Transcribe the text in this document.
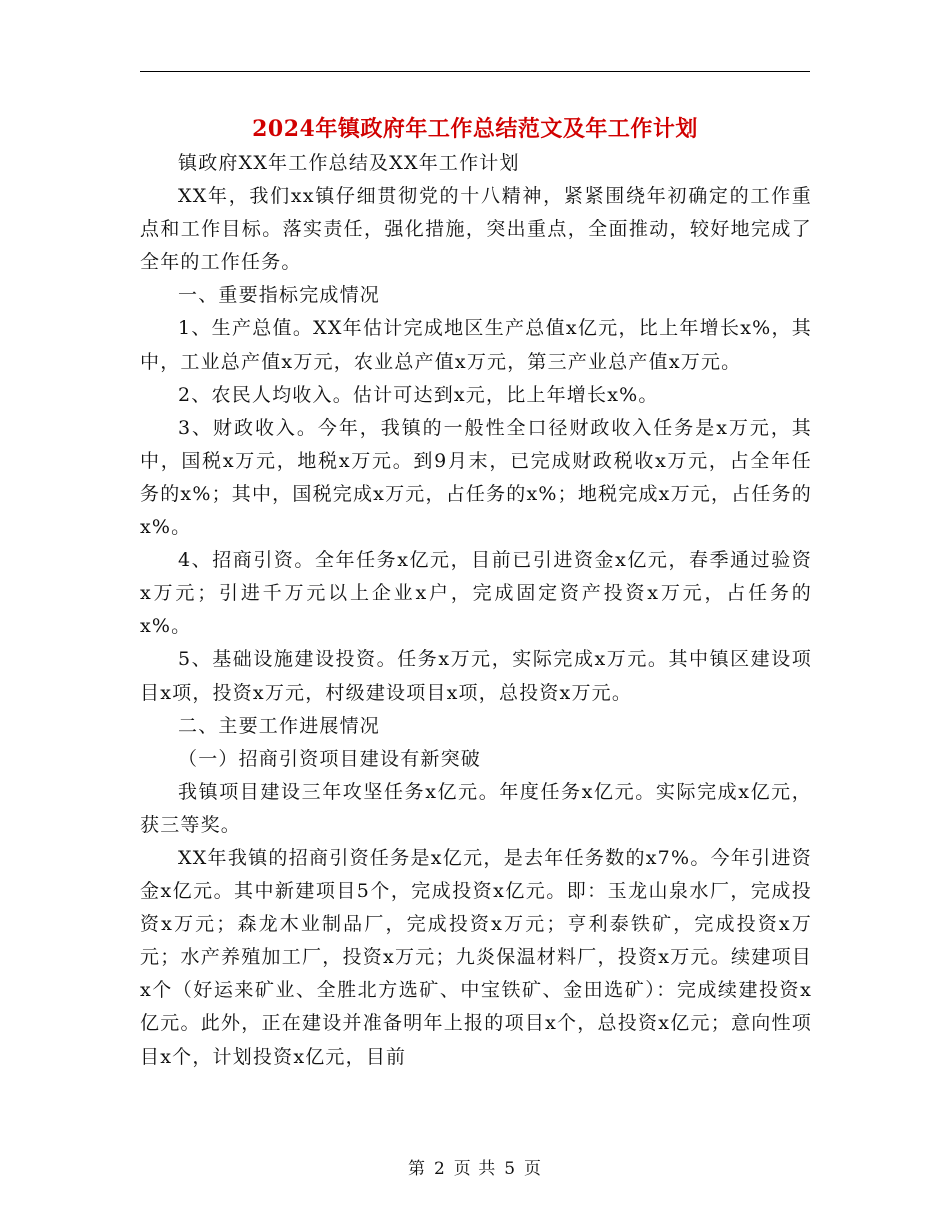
2024年镇政府年工作总结范文及年工作计划

镇政府XX年工作总结及XX年工作计划

XX年，我们xx镇仔细贯彻党的十八精神，紧紧围绕年初确定的工作重点和工作目标。落实责任，强化措施，突出重点，全面推动，较好地完成了全年的工作任务。

一、重要指标完成情况

1、生产总值。XX年估计完成地区生产总值x亿元，比上年增长x%，其中，工业总产值x万元，农业总产值x万元，第三产业总产值x万元。

2、农民人均收入。估计可达到x元，比上年增长x%。

3、财政收入。今年，我镇的一般性全口径财政收入任务是x万元，其中，国税x万元，地税x万元。到9月末，已完成财政税收x万元，占全年任务的x%；其中，国税完成x万元，占任务的x%；地税完成x万元，占任务的x%。

4、招商引资。全年任务x亿元，目前已引进资金x亿元，春季通过验资x万元；引进千万元以上企业x户，完成固定资产投资x万元，占任务的x%。

5、基础设施建设投资。任务x万元，实际完成x万元。其中镇区建设项目x项，投资x万元，村级建设项目x项，总投资x万元。

二、主要工作进展情况

（一）招商引资项目建设有新突破

我镇项目建设三年攻坚任务x亿元。年度任务x亿元。实际完成x亿元，获三等奖。

XX年我镇的招商引资任务是x亿元，是去年任务数的x7%。今年引进资金x亿元。其中新建项目5个，完成投资x亿元。即：玉龙山泉水厂，完成投资x万元；森龙木业制品厂，完成投资x万元；亨利泰铁矿，完成投资x万元；水产养殖加工厂，投资x万元；九炎保温材料厂，投资x万元。续建项目x个（好运来矿业、全胜北方选矿、中宝铁矿、金田选矿）：完成续建投资x亿元。此外，正在建设并准备明年上报的项目x个，总投资x亿元；意向性项目x个，计划投资x亿元，目前

第 2 页 共 5 页
